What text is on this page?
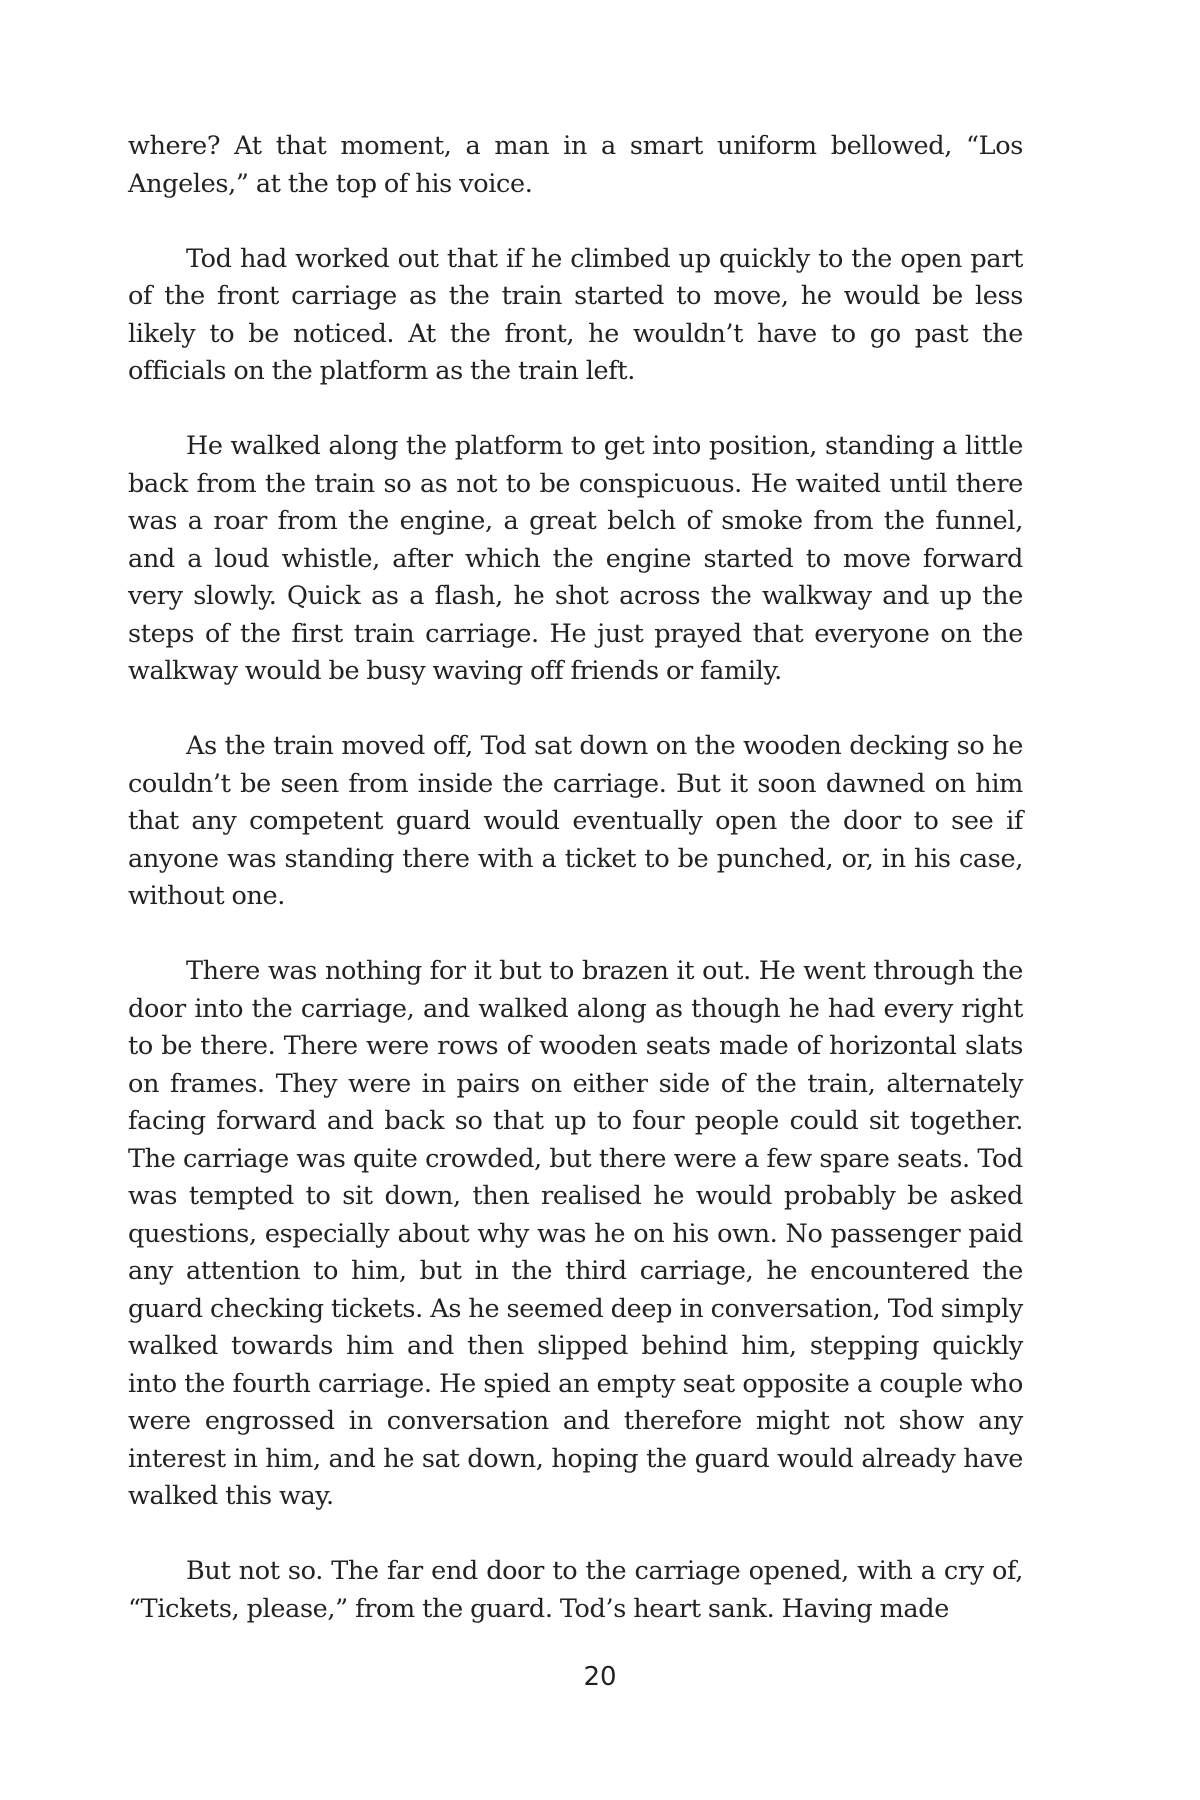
where? At that moment, a man in a smart uniform bellowed, “Los Angeles,” at the top of his voice.

Tod had worked out that if he climbed up quickly to the open part of the front carriage as the train started to move, he would be less likely to be noticed. At the front, he wouldn’t have to go past the officials on the platform as the train left.

He walked along the platform to get into position, standing a little back from the train so as not to be conspicuous. He waited until there was a roar from the engine, a great belch of smoke from the funnel, and a loud whistle, after which the engine started to move forward very slowly. Quick as a flash, he shot across the walkway and up the steps of the first train carriage. He just prayed that everyone on the walkway would be busy waving off friends or family.

As the train moved off, Tod sat down on the wooden decking so he couldn’t be seen from inside the carriage. But it soon dawned on him that any competent guard would eventually open the door to see if anyone was standing there with a ticket to be punched, or, in his case, without one.

There was nothing for it but to brazen it out. He went through the door into the carriage, and walked along as though he had every right to be there. There were rows of wooden seats made of horizontal slats on frames. They were in pairs on either side of the train, alternately facing forward and back so that up to four people could sit together. The carriage was quite crowded, but there were a few spare seats. Tod was tempted to sit down, then realised he would probably be asked questions, especially about why was he on his own. No passenger paid any attention to him, but in the third carriage, he encountered the guard checking tickets. As he seemed deep in conversation, Tod simply walked towards him and then slipped behind him, stepping quickly into the fourth carriage. He spied an empty seat opposite a couple who were engrossed in conversation and therefore might not show any interest in him, and he sat down, hoping the guard would already have walked this way.

But not so. The far end door to the carriage opened, with a cry of, “Tickets, please,” from the guard. Tod’s heart sank. Having made

20
